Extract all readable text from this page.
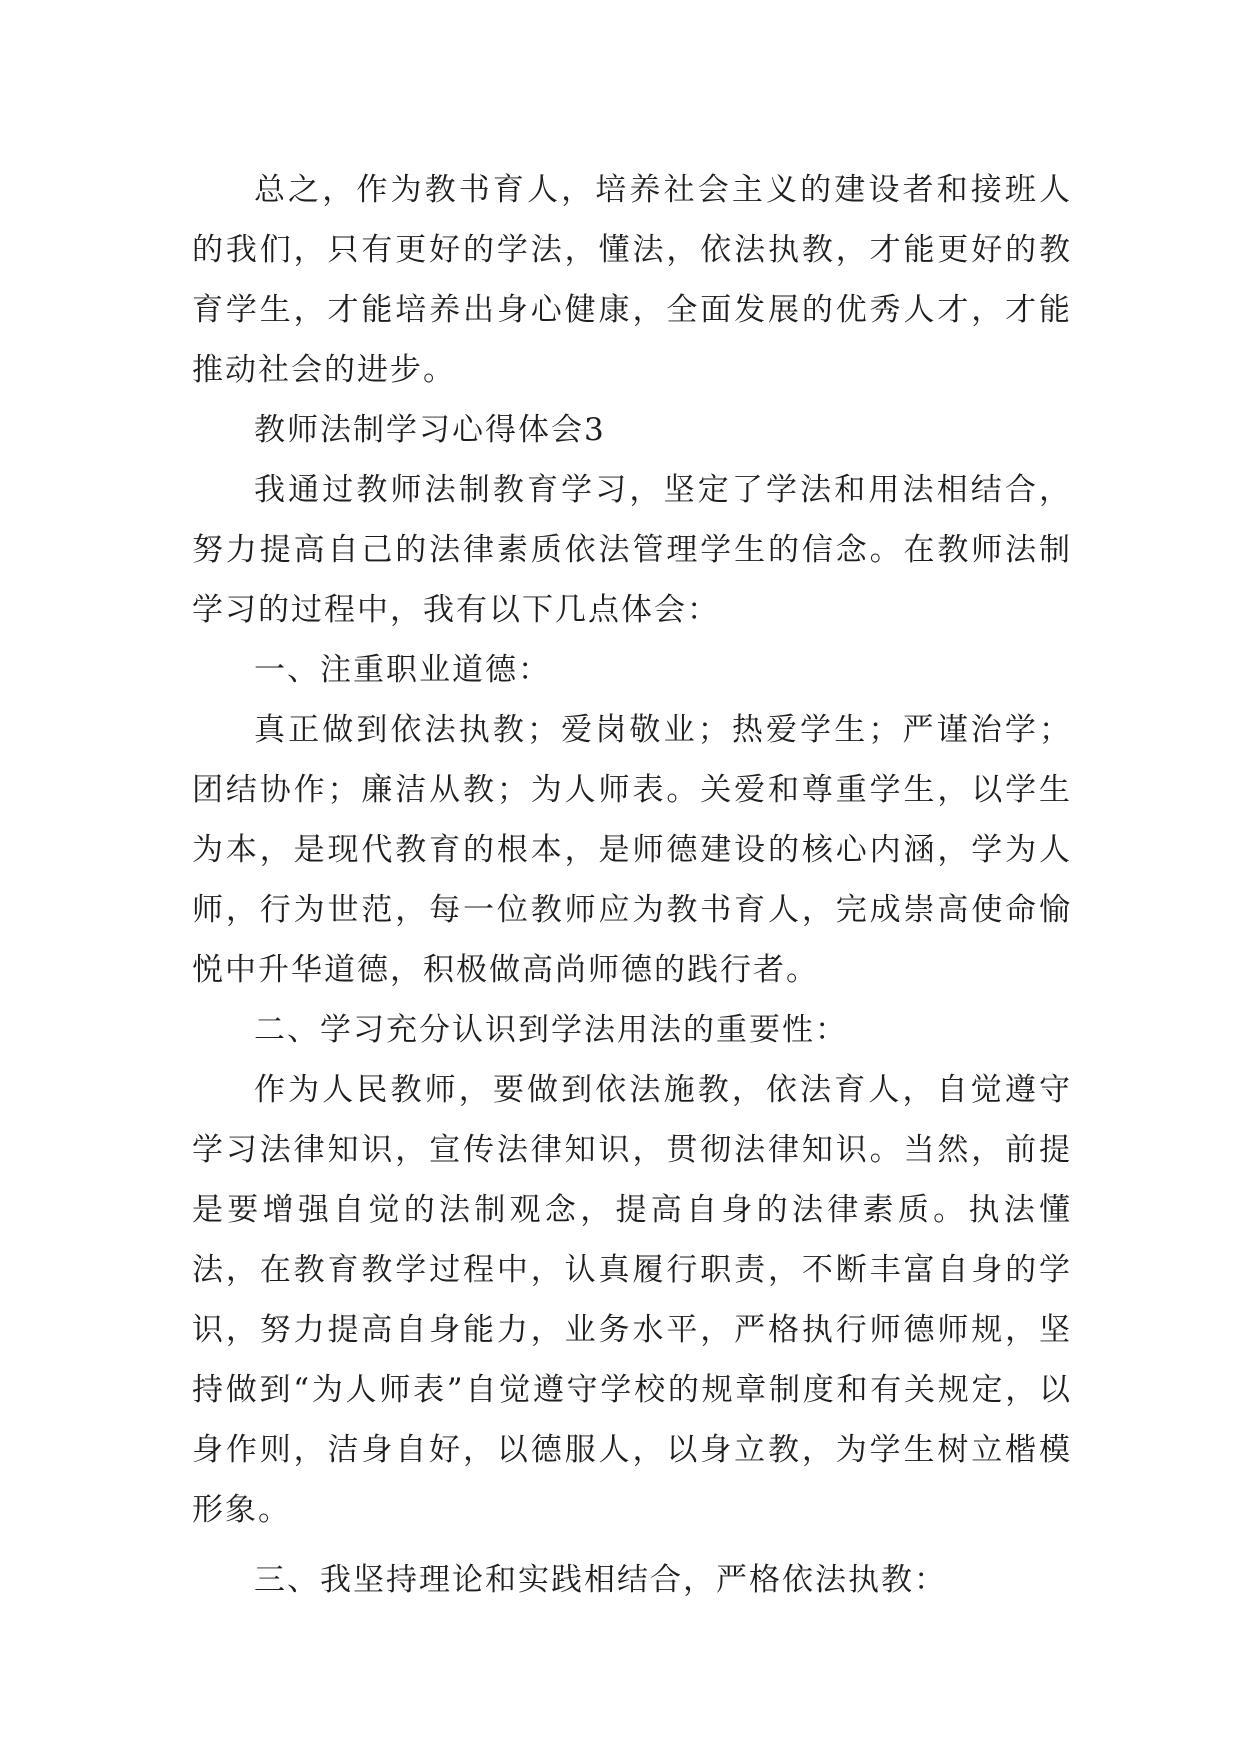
总之，作为教书育人，培养社会主义的建设者和接班人的我们，只有更好的学法，懂法，依法执教，才能更好的教育学生，才能培养出身心健康，全面发展的优秀人才，才能推动社会的进步。

教师法制学习心得体会3

我通过教师法制教育学习，坚定了学法和用法相结合，努力提高自己的法律素质依法管理学生的信念。在教师法制学习的过程中，我有以下几点体会：

一、注重职业道德：

真正做到依法执教；爱岗敬业；热爱学生；严谨治学；团结协作；廉洁从教；为人师表。关爱和尊重学生，以学生为本，是现代教育的根本，是师德建设的核心内涵，学为人师，行为世范，每一位教师应为教书育人，完成崇高使命愉悦中升华道德，积极做高尚师德的践行者。

二、学习充分认识到学法用法的重要性：

作为人民教师，要做到依法施教，依法育人，自觉遵守学习法律知识，宣传法律知识，贯彻法律知识。当然，前提是要增强自觉的法制观念，提高自身的法律素质。执法懂法，在教育教学过程中，认真履行职责，不断丰富自身的学识，努力提高自身能力，业务水平，严格执行师德师规，坚持做到“为人师表”自觉遵守学校的规章制度和有关规定，以身作则，洁身自好，以德服人，以身立教，为学生树立楷模形象。

三、我坚持理论和实践相结合，严格依法执教：
